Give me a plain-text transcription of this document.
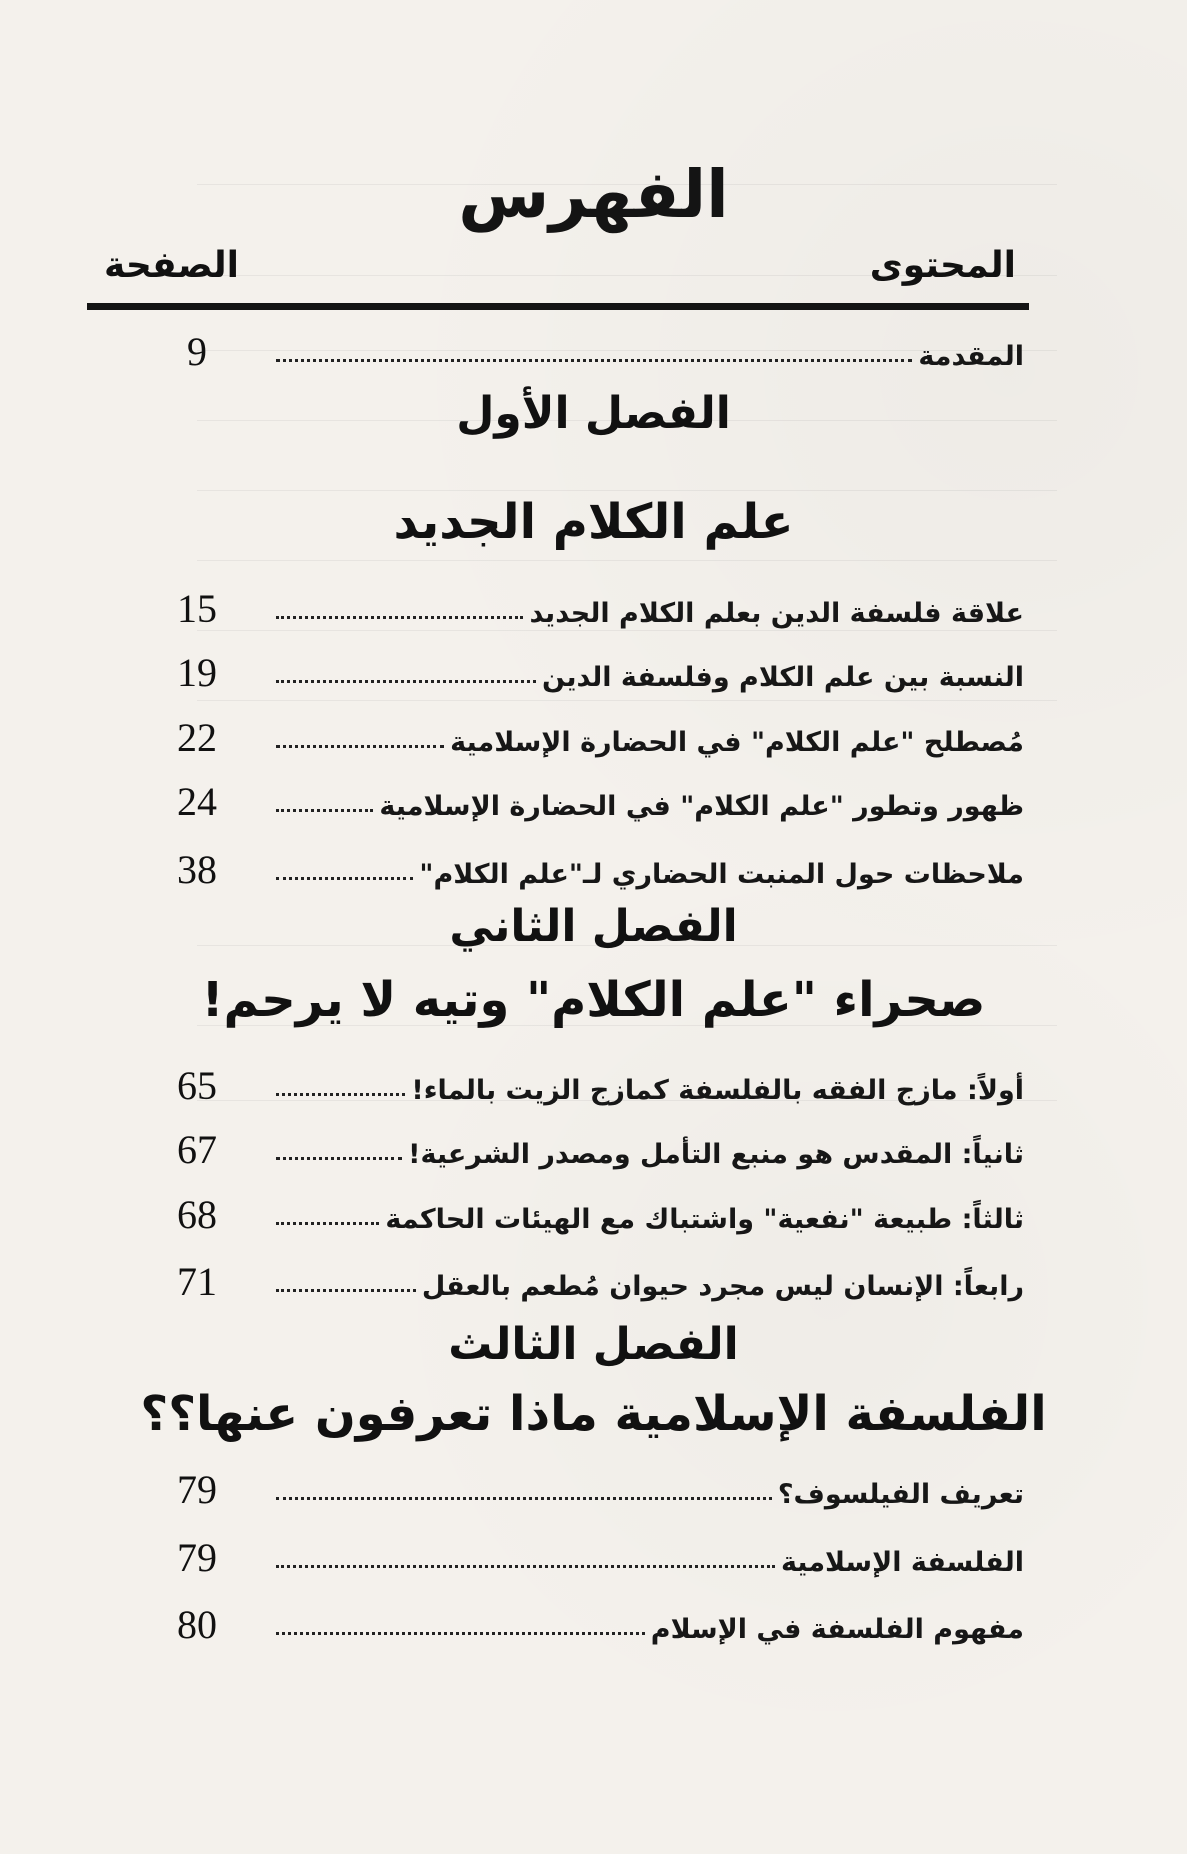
الفهرس
المحتوى
الصفحة
المقدمة
9
الفصل الأول
علم الكلام الجديد
علاقة فلسفة الدين بعلم الكلام الجديد
15
النسبة بين علم الكلام وفلسفة الدين
19
مُصطلح "علم الكلام" في الحضارة الإسلامية
22
ظهور وتطور "علم الكلام" في الحضارة الإسلامية
24
ملاحظات حول المنبت الحضاري لـ"علم الكلام"
38
الفصل الثاني
صحراء "علم الكلام" وتيه لا يرحم!
أولاً: مازج الفقه بالفلسفة كمازج الزيت بالماء!
65
ثانياً: المقدس هو منبع التأمل ومصدر الشرعية!
67
ثالثاً: طبيعة "نفعية" واشتباك مع الهيئات الحاكمة
68
رابعاً: الإنسان ليس مجرد حيوان مُطعم بالعقل
71
الفصل الثالث
الفلسفة الإسلامية ماذا تعرفون عنها؟؟
تعريف الفيلسوف؟
79
الفلسفة الإسلامية
79
مفهوم الفلسفة في الإسلام
80
